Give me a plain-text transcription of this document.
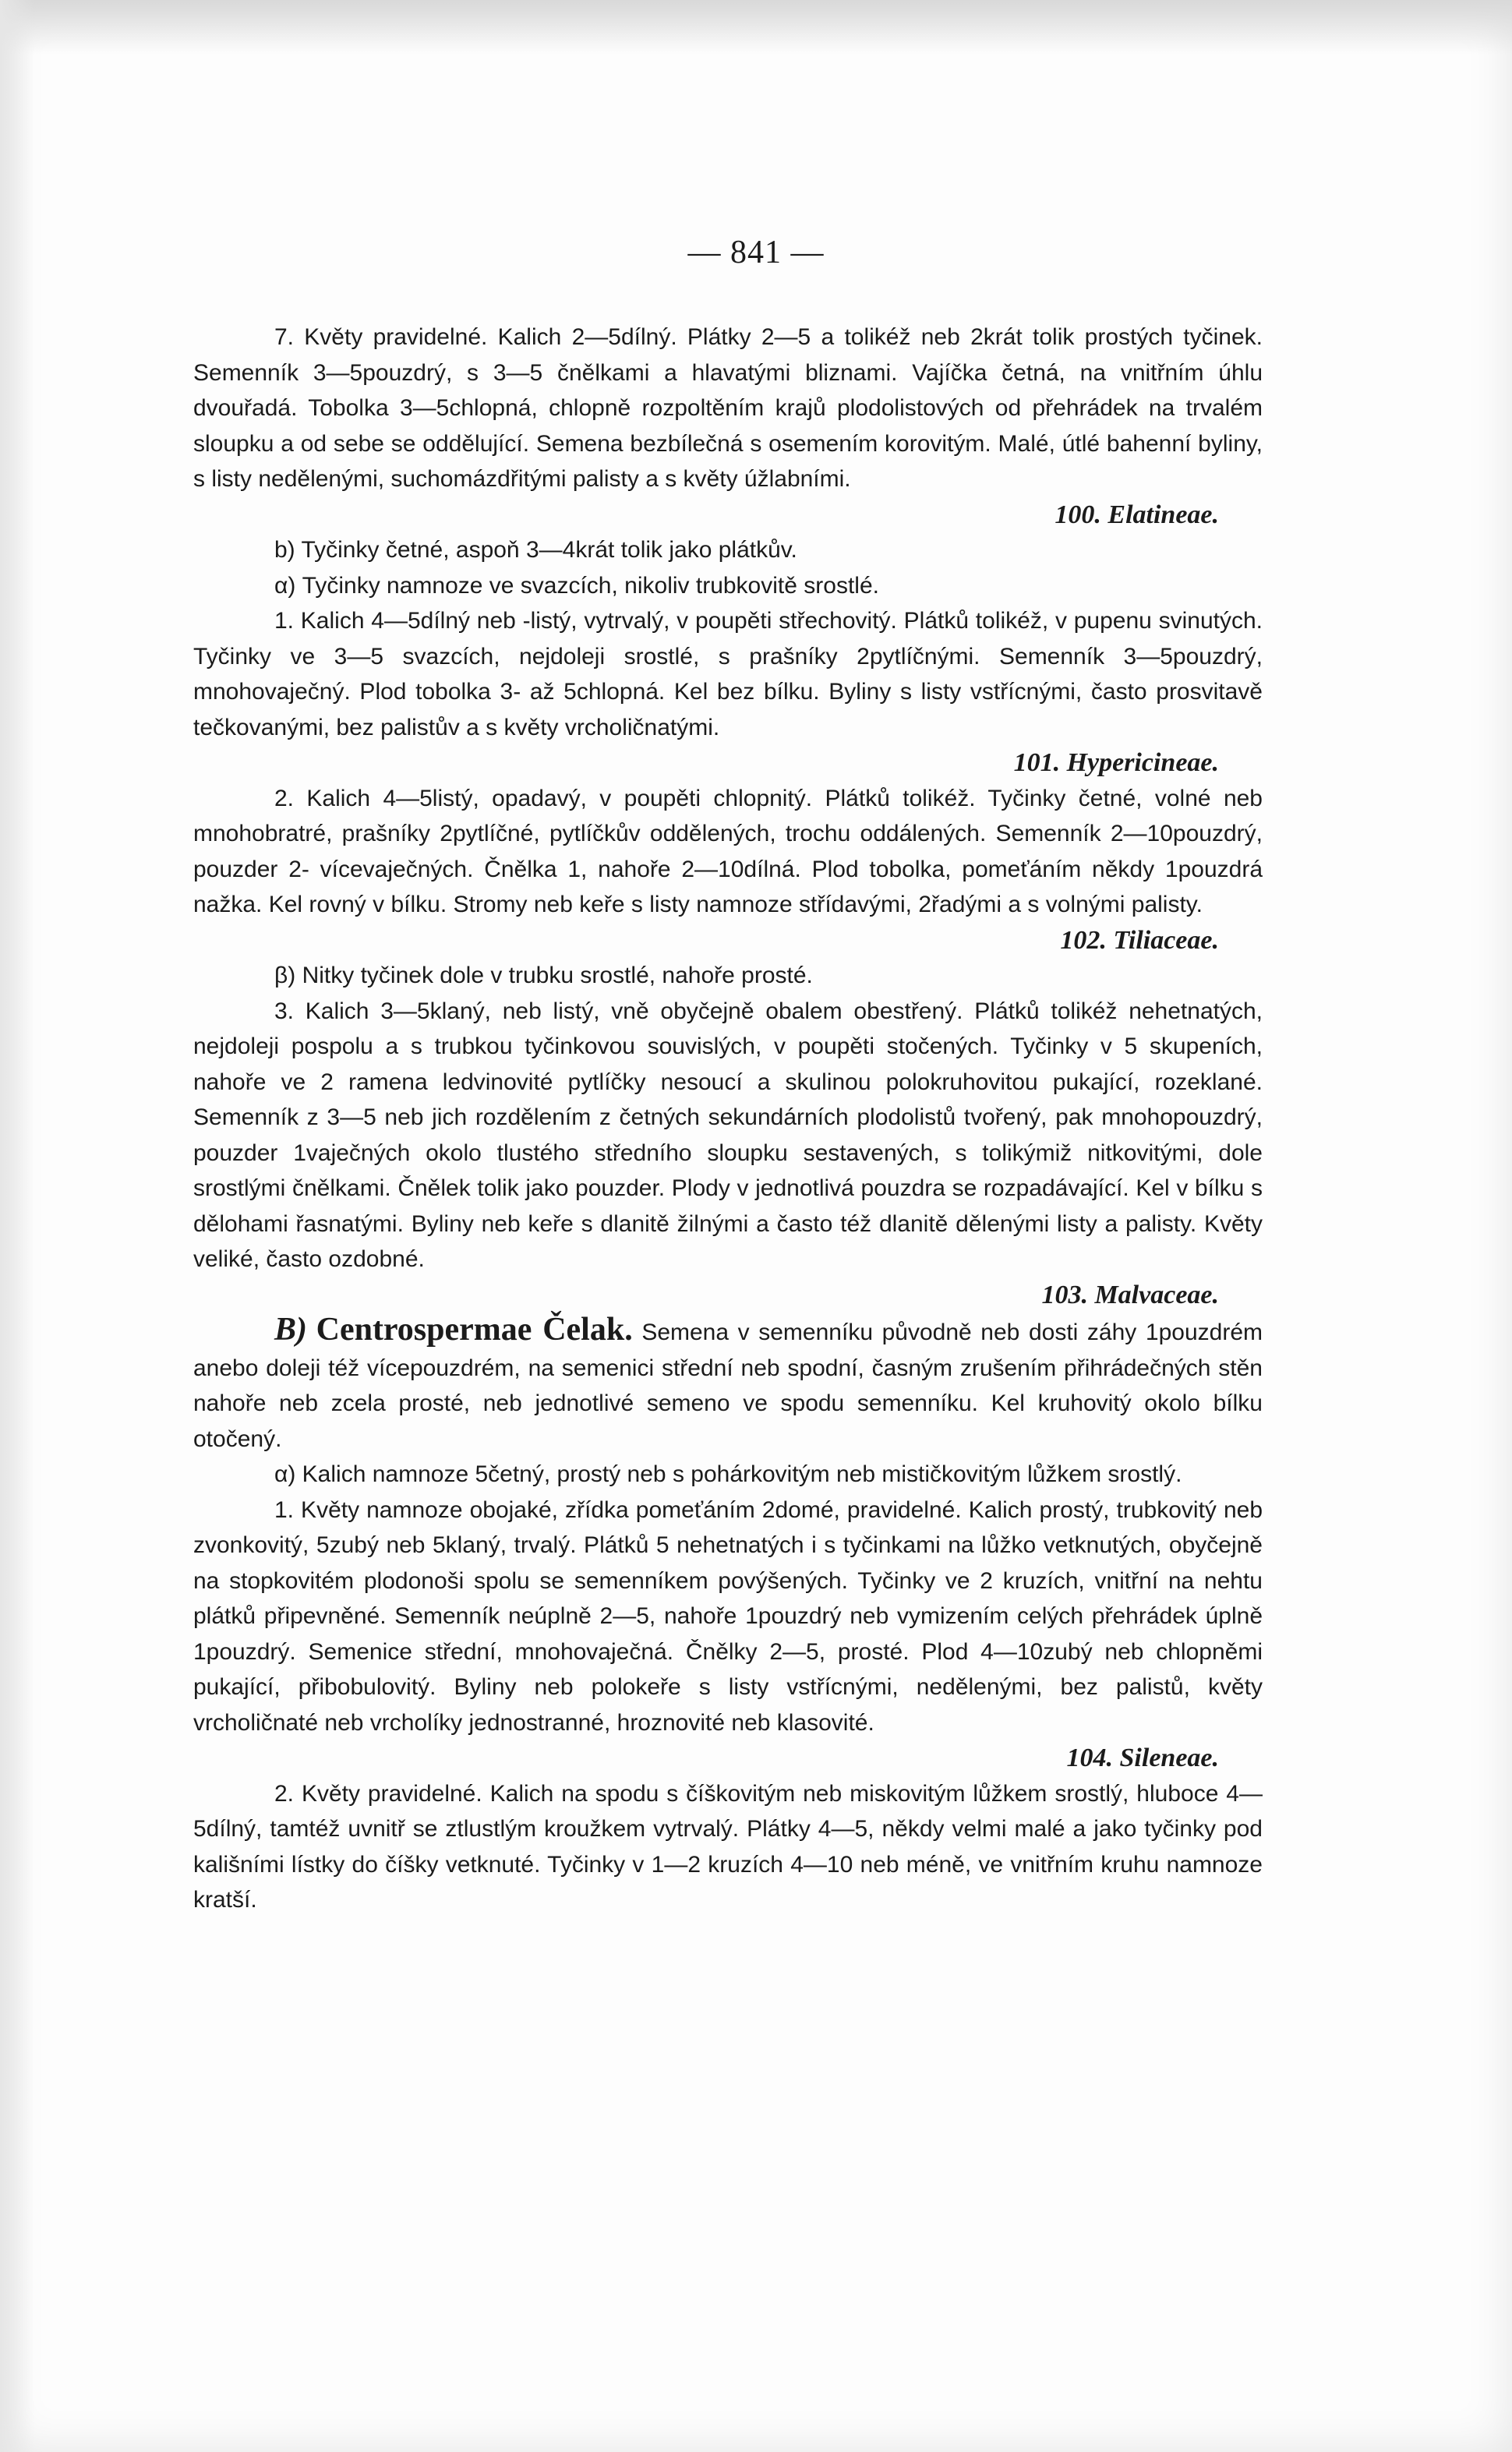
— 841 —

7. Květy pravidelné. Kalich 2—5dílný. Plátky 2—5 a tolikéž neb 2krát tolik prostých tyčinek. Semenník 3—5pouzdrý, s 3—5 čnělkami a hlavatými bliznami. Vajíčka četná, na vnitřním úhlu dvouřadá. Tobolka 3—5chlopná, chlopně rozpoltěním krajů plodolistových od přehrádek na trvalém sloupku a od sebe se oddělující. Semena bezbílečná s osemením korovitým. Malé, útlé bahenní byliny, s listy nedělenými, suchomázdřitými palisty a s květy úžlabními.

100. Elatineae.

b) Tyčinky četné, aspoň 3—4krát tolik jako plátkův.

α) Tyčinky namnoze ve svazcích, nikoliv trubkovitě srostlé.

1. Kalich 4—5dílný neb -listý, vytrvalý, v poupěti střechovitý. Plátků tolikéž, v pupenu svinutých. Tyčinky ve 3—5 svazcích, nejdoleji srostlé, s prašníky 2pytlíčnými. Semenník 3—5pouzdrý, mnohovaječný. Plod tobolka 3- až 5chlopná. Kel bez bílku. Byliny s listy vstřícnými, často prosvitavě tečkovanými, bez palistův a s květy vrcholičnatými.

101. Hypericineae.

2. Kalich 4—5listý, opadavý, v poupěti chlopnitý. Plátků tolikéž. Tyčinky četné, volné neb mnohobratré, prašníky 2pytlíčné, pytlíčkův oddělených, trochu oddálených. Semenník 2—10pouzdrý, pouzder 2- vícevaječných. Čnělka 1, nahoře 2—10dílná. Plod tobolka, pomeťáním někdy 1pouzdrá nažka. Kel rovný v bílku. Stromy neb keře s listy namnoze střídavými, 2řadými a s volnými palisty.

102. Tiliaceae.

β) Nitky tyčinek dole v trubku srostlé, nahoře prosté.

3. Kalich 3—5klaný, neb listý, vně obyčejně obalem obestřený. Plátků tolikéž nehetnatých, nejdoleji pospolu a s trubkou tyčinkovou souvislých, v poupěti stočených. Tyčinky v 5 skupeních, nahoře ve 2 ramena ledvinovité pytlíčky nesoucí a skulinou polokruhovitou pukající, rozeklané. Semenník z 3—5 neb jich rozdělením z četných sekundárních plodolistů tvořený, pak mnohopouzdrý, pouzder 1vaječných okolo tlustého středního sloupku sestavených, s tolikýmiž nitkovitými, dole srostlými čnělkami. Čnělek tolik jako pouzder. Plody v jednotlivá pouzdra se rozpadávající. Kel v bílku s dělohami řasnatými. Byliny neb keře s dlanitě žilnými a často též dlanitě dělenými listy a palisty. Květy veliké, často ozdobné.

103. Malvaceae.

B) Centrospermae Čelak. Semena v semenníku původně neb dosti záhy 1pouzdrém anebo doleji též vícepouzdrém, na semenici střední neb spodní, časným zrušením přihrádečných stěn nahoře neb zcela prosté, neb jednotlivé semeno ve spodu semenníku. Kel kruhovitý okolo bílku otočený.

α) Kalich namnoze 5četný, prostý neb s pohárkovitým neb mističkovitým lůžkem srostlý.

1. Květy namnoze obojaké, zřídka pomeťáním 2domé, pravidelné. Kalich prostý, trubkovitý neb zvonkovitý, 5zubý neb 5klaný, trvalý. Plátků 5 nehetnatých i s tyčinkami na lůžko vetknutých, obyčejně na stopkovitém plodonoši spolu se semenníkem povýšených. Tyčinky ve 2 kruzích, vnitřní na nehtu plátků připevněné. Semenník neúplně 2—5, nahoře 1pouzdrý neb vymizením celých přehrádek úplně 1pouzdrý. Semenice střední, mnohovaječná. Čnělky 2—5, prosté. Plod 4—10zubý neb chlopněmi pukající, přibobulovitý. Byliny neb polokeře s listy vstřícnými, nedělenými, bez palistů, květy vrcholičnaté neb vrcholíky jednostranné, hroznovité neb klasovité.

104. Sileneae.

2. Květy pravidelné. Kalich na spodu s číškovitým neb miskovitým lůžkem srostlý, hluboce 4—5dílný, tamtéž uvnitř se ztlustlým kroužkem vytrvalý. Plátky 4—5, někdy velmi malé a jako tyčinky pod kališními lístky do číšky vetknuté. Tyčinky v 1—2 kruzích 4—10 neb méně, ve vnitřním kruhu namnoze kratší.
